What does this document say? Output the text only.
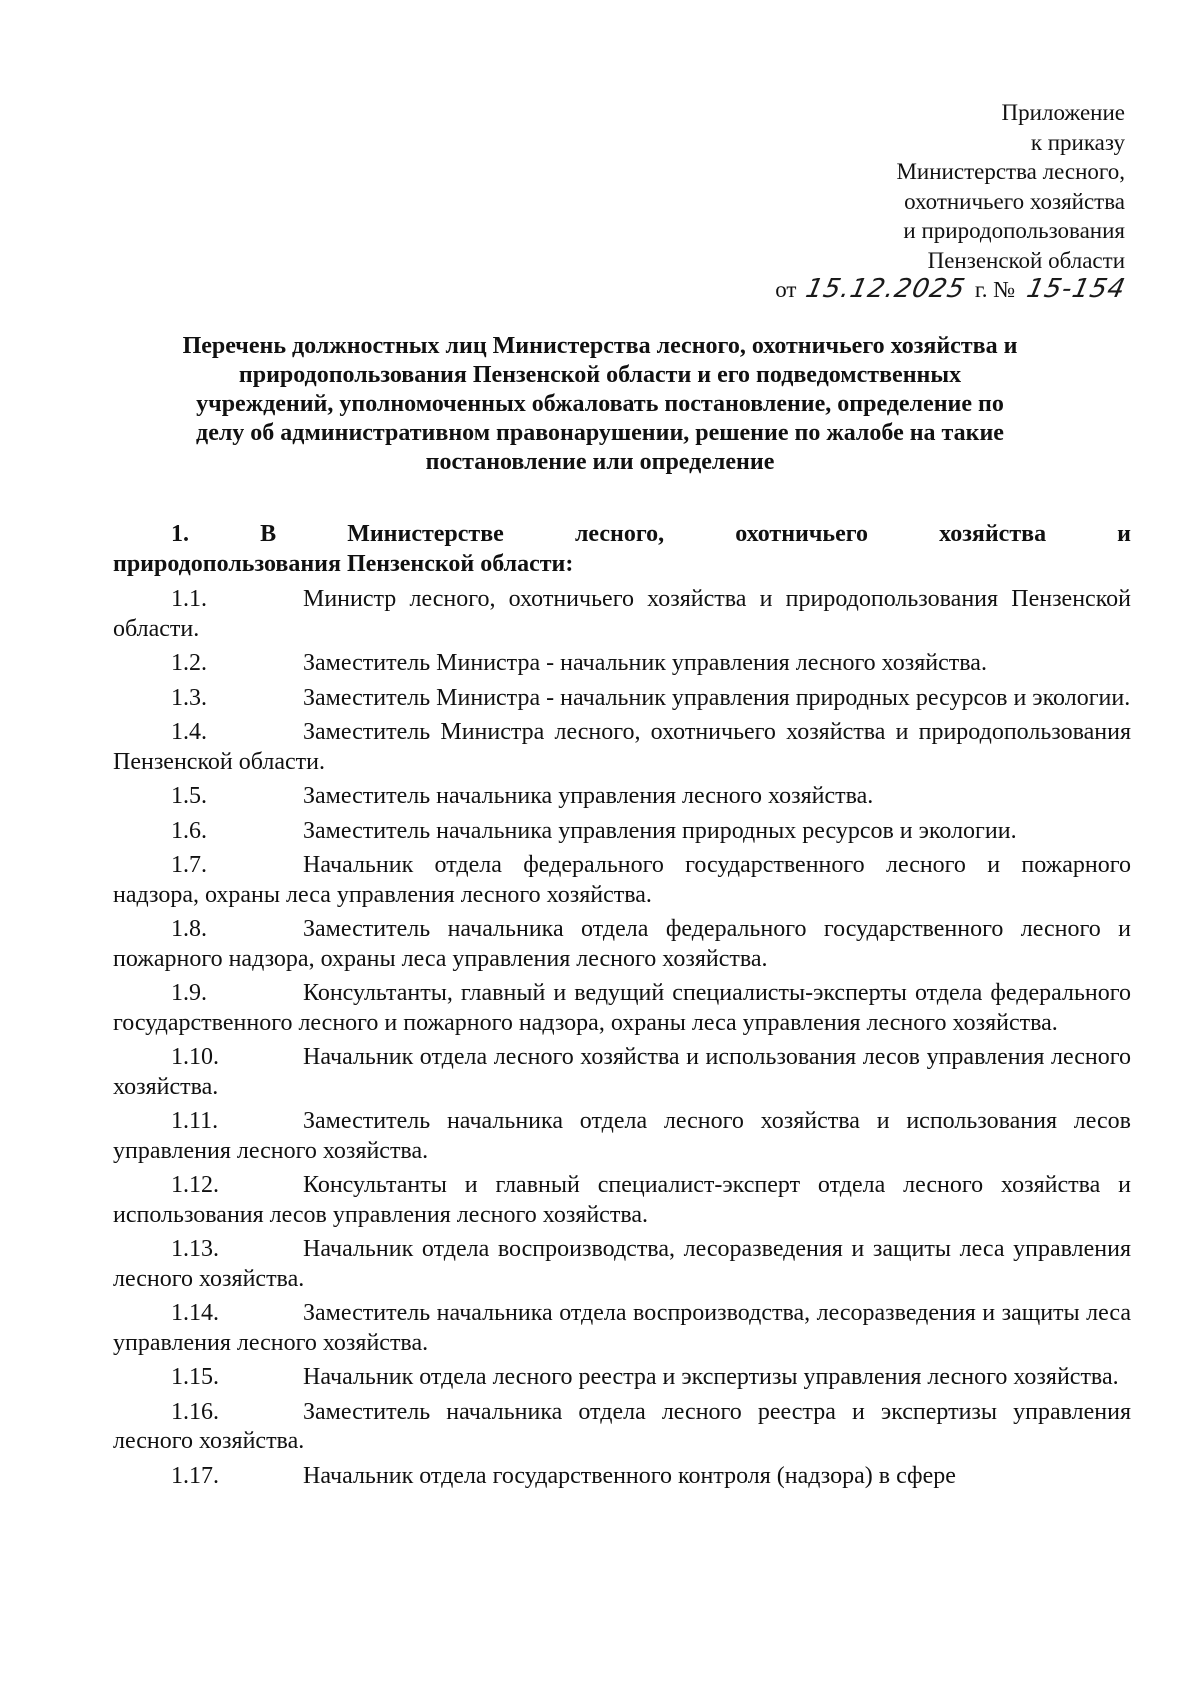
Приложение
к приказу
Министерства лесного,
охотничьего хозяйства
и природопользования
Пензенской области
от 15.12.2025 г. № 15-154
Перечень должностных лиц Министерства лесного, охотничьего хозяйства и
природопользования Пензенской области и его подведомственных
учреждений, уполномоченных обжаловать постановление, определение по
делу об административном правонарушении, решение по жалобе на такие
постановление или определение
1.	В	Министерстве	лесного,	охотничьего	хозяйства	и
природопользования Пензенской области:

1.1.	Министр лесного, охотничьего хозяйства и природопользования Пензенской области.

1.2.	Заместитель Министра - начальник управления лесного хозяйства.

1.3.	Заместитель Министра - начальник управления природных ресурсов и экологии.

1.4.	Заместитель Министра лесного, охотничьего хозяйства и природопользования Пензенской области.

1.5.	Заместитель начальника управления лесного хозяйства.

1.6.	Заместитель начальника управления природных ресурсов и экологии.

1.7.	Начальник отдела федерального государственного лесного и пожарного надзора, охраны леса управления лесного хозяйства.

1.8.	Заместитель начальника отдела федерального государственного лесного и пожарного надзора, охраны леса управления лесного хозяйства.

1.9.	Консультанты, главный и ведущий специалисты-эксперты отдела федерального государственного лесного и пожарного надзора, охраны леса управления лесного хозяйства.

1.10.	Начальник отдела лесного хозяйства и использования лесов управления лесного хозяйства.

1.11.	Заместитель начальника отдела лесного хозяйства и использования лесов управления лесного хозяйства.

1.12.	Консультанты и главный специалист-эксперт отдела лесного хозяйства и использования лесов управления лесного хозяйства.

1.13.	Начальник отдела воспроизводства, лесоразведения и защиты леса управления лесного хозяйства.

1.14.	Заместитель начальника отдела воспроизводства, лесоразведения и защиты леса управления лесного хозяйства.

1.15.	Начальник отдела лесного реестра и экспертизы управления лесного хозяйства.

1.16.	Заместитель начальника отдела лесного реестра и экспертизы управления лесного хозяйства.

1.17.	Начальник отдела государственного контроля (надзора) в сфере
